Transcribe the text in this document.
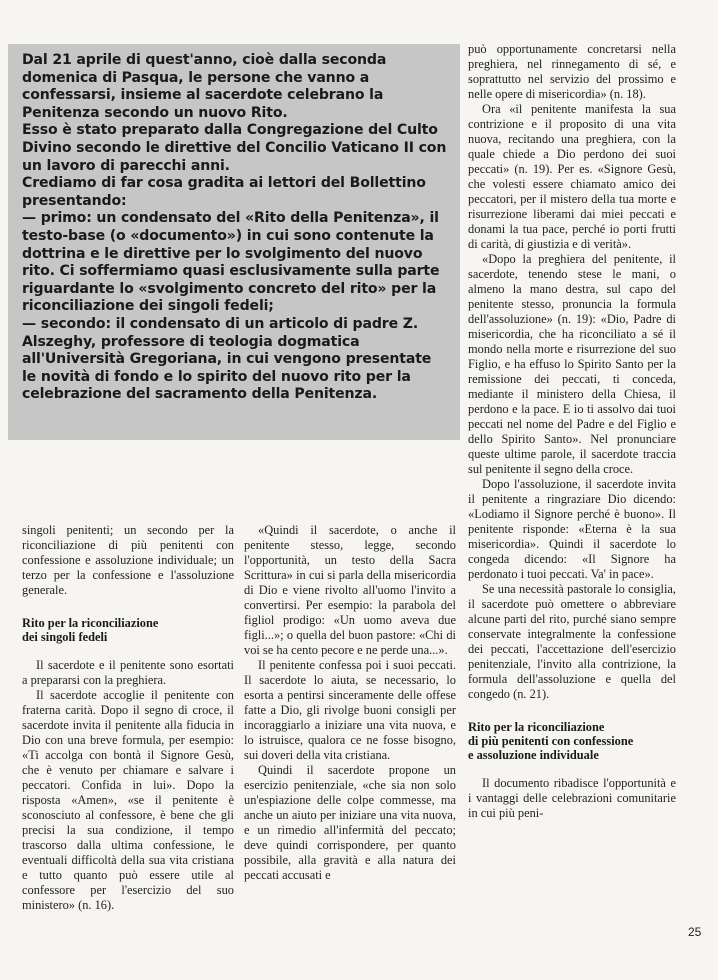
Dal 21 aprile di quest'anno, cioè dalla seconda domenica di Pasqua, le persone che vanno a confessarsi, insieme al sacerdote celebrano la Penitenza secondo un nuovo Rito.
Esso è stato preparato dalla Congregazione del Culto Divino secondo le direttive del Concilio Vaticano II con un lavoro di parecchi anni.
Crediamo di far cosa gradita ai lettori del Bollettino presentando:
— primo: un condensato del «Rito della Penitenza», il testo-base (o «documento») in cui sono contenute la dottrina e le direttive per lo svolgimento del nuovo rito. Ci soffermiamo quasi esclusivamente sulla parte riguardante lo «svolgimento concreto del rito» per la riconciliazione dei singoli fedeli;
— secondo: il condensato di un articolo di padre Z. Alszeghy, professore di teologia dogmatica all'Università Gregoriana, in cui vengono presentate le novità di fondo e lo spirito del nuovo rito per la celebrazione del sacramento della Penitenza.

singoli penitenti; un secondo per la riconciliazione di più penitenti con confessione e assoluzione individuale; un terzo per la confessione e l'assoluzione generale.

Rito per la riconciliazione
dei singoli fedeli

Il sacerdote e il penitente sono esortati a prepararsi con la preghiera.

Il sacerdote accoglie il penitente con fraterna carità. Dopo il segno di croce, il sacerdote invita il penitente alla fiducia in Dio con una breve formula, per esempio: «Ti accolga con bontà il Signore Gesù, che è venuto per chiamare e salvare i peccatori. Confida in lui». Dopo la risposta «Amen», «se il penitente è sconosciuto al confessore, è bene che gli precisi la sua condizione, il tempo trascorso dalla ultima confessione, le eventuali difficoltà della sua vita cristiana e tutto quanto può essere utile al confessore per l'esercizio del suo ministero» (n. 16).

«Quindi il sacerdote, o anche il penitente stesso, legge, secondo l'opportunità, un testo della Sacra Scrittura» in cui si parla della misericordia di Dio e viene rivolto all'uomo l'invito a convertirsi. Per esempio: la parabola del figliol prodigo: «Un uomo aveva due figli...»; o quella del buon pastore: «Chi di voi se ha cento pecore e ne perde una...».

Il penitente confessa poi i suoi peccati. Il sacerdote lo aiuta, se necessario, lo esorta a pentirsi sinceramente delle offese fatte a Dio, gli rivolge buoni consigli per incoraggiarlo a iniziare una vita nuova, e lo istruisce, qualora ce ne fosse bisogno, sui doveri della vita cristiana.

Quindi il sacerdote propone un esercizio penitenziale, «che sia non solo un'espiazione delle colpe commesse, ma anche un aiuto per iniziare una vita nuova, e un rimedio all'infermità del peccato; deve quindi corrispondere, per quanto possibile, alla gravità e alla natura dei peccati accusati e

può opportunamente concretarsi nella preghiera, nel rinnegamento di sé, e soprattutto nel servizio del prossimo e nelle opere di misericordia» (n. 18).

Ora «il penitente manifesta la sua contrizione e il proposito di una vita nuova, recitando una preghiera, con la quale chiede a Dio perdono dei suoi peccati» (n. 19). Per es. «Signore Gesù, che volesti essere chiamato amico dei peccatori, per il mistero della tua morte e risurrezione liberami dai miei peccati e donami la tua pace, perché io porti frutti di carità, di giustizia e di verità».

«Dopo la preghiera del penitente, il sacerdote, tenendo stese le mani, o almeno la mano destra, sul capo del penitente stesso, pronuncia la formula dell'assoluzione» (n. 19): «Dio, Padre di misericordia, che ha riconciliato a sé il mondo nella morte e risurrezione del suo Figlio, e ha effuso lo Spirito Santo per la remissione dei peccati, ti conceda, mediante il ministero della Chiesa, il perdono e la pace. E io ti assolvo dai tuoi peccati nel nome del Padre e del Figlio e dello Spirito Santo». Nel pronunciare queste ultime parole, il sacerdote traccia sul penitente il segno della croce.

Dopo l'assoluzione, il sacerdote invita il penitente a ringraziare Dio dicendo: «Lodiamo il Signore perché è buono». Il penitente risponde: «Eterna è la sua misericordia». Quindi il sacerdote lo congeda dicendo: «Il Signore ha perdonato i tuoi peccati. Va' in pace».

Se una necessità pastorale lo consiglia, il sacerdote può omettere o abbreviare alcune parti del rito, purché siano sempre conservate integralmente la confessione dei peccati, l'accettazione dell'esercizio penitenziale, l'invito alla contrizione, la formula dell'assoluzione e quella del congedo (n. 21).

Rito per la riconciliazione
di più penitenti con confessione
e assoluzione individuale

Il documento ribadisce l'opportunità e i vantaggi delle celebrazioni comunitarie in cui più peni-

25
